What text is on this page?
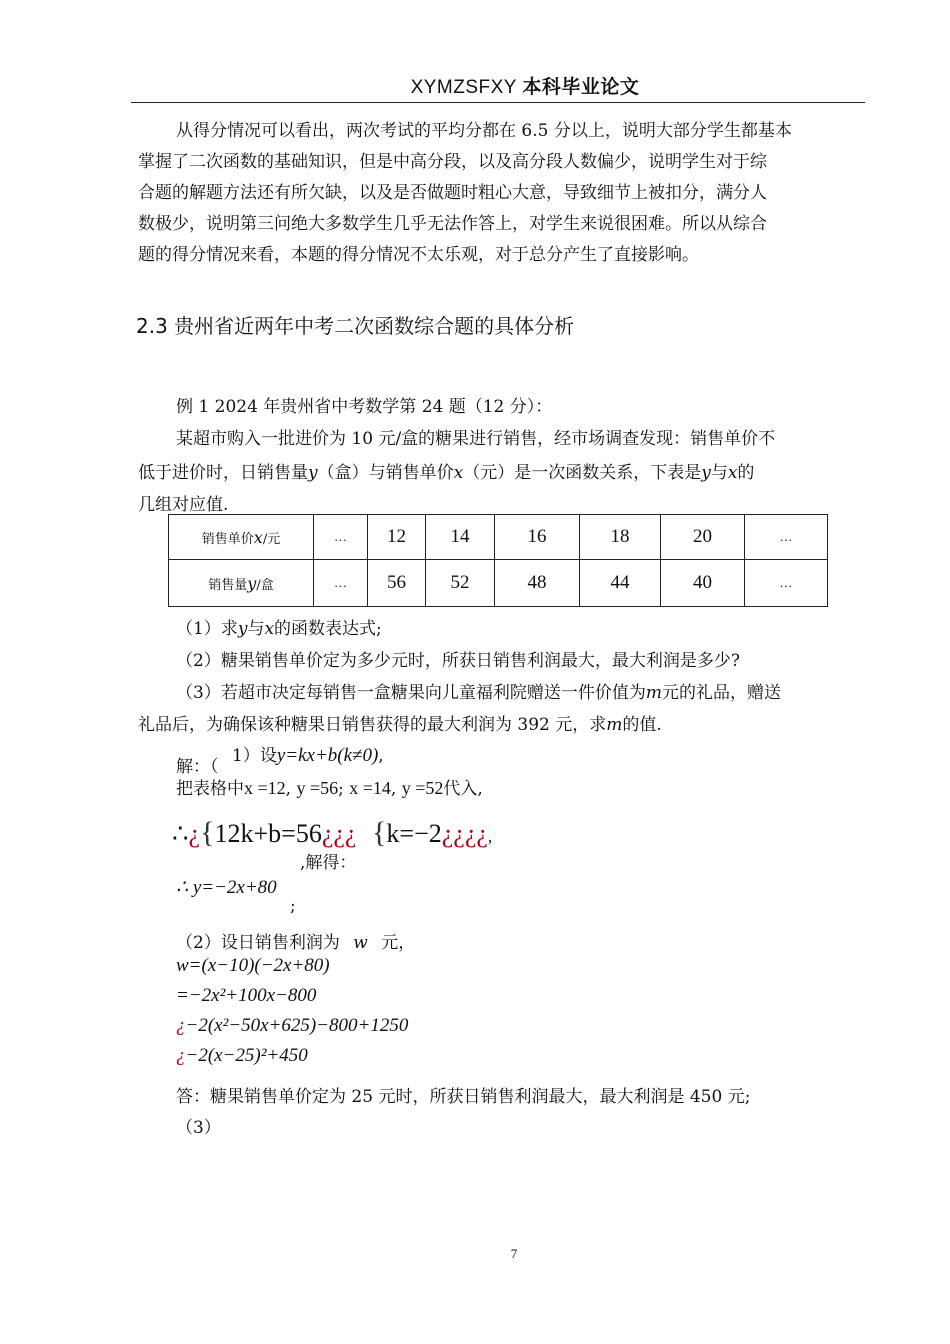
XYMZSFXY 本科毕业论文
从得分情况可以看出，两次考试的平均分都在 6.5 分以上，说明大部分学生都基本
掌握了二次函数的基础知识，但是中高分段，以及高分段人数偏少，说明学生对于综
合题的解题方法还有所欠缺，以及是否做题时粗心大意，导致细节上被扣分，满分人
数极少，说明第三问绝大多数学生几乎无法作答上，对学生来说很困难。所以从综合
题的得分情况来看，本题的得分情况不太乐观，对于总分产生了直接影响。
2.3 贵州省近两年中考二次函数综合题的具体分析
例 1 2024 年贵州省中考数学第 24 题（12 分）：
某超市购入一批进价为 10 元/盒的糖果进行销售，经市场调查发现：销售单价不
低于进价时，日销售量y（盒）与销售单价x（元）是一次函数关系，下表是y与x的
几组对应值.
销售单价x/元	…	12	14	16	18	20	…
销售量y/盒	…	56	52	48	44	40	…
（1）求y与x的函数表达式;
（2）糖果销售单价定为多少元时，所获日销售利润最大，最大利润是多少?
（3）若超市决定每销售一盒糖果向儿童福利院赠送一件价值为m元的礼品，赠送
礼品后，为确保该种糖果日销售获得的最大利润为 392 元，求m的值.
解：（
1）设y=kx+b(k≠0),
把表格中x =12, y =56; x =14, y =52代入,
∴¿{12k+b=56¿¿¿
,解得：
{k=−2¿¿¿¿,
∴ y=−2x+80
;
（2）设日销售利润为 w 元，
w=(x−10)(−2x+80)
=−2x²+100x−800
¿−2(x²−50x+625)−800+1250
¿−2(x−25)²+450
答：糖果销售单价定为 25 元时，所获日销售利润最大，最大利润是 450 元;
（3）
7
